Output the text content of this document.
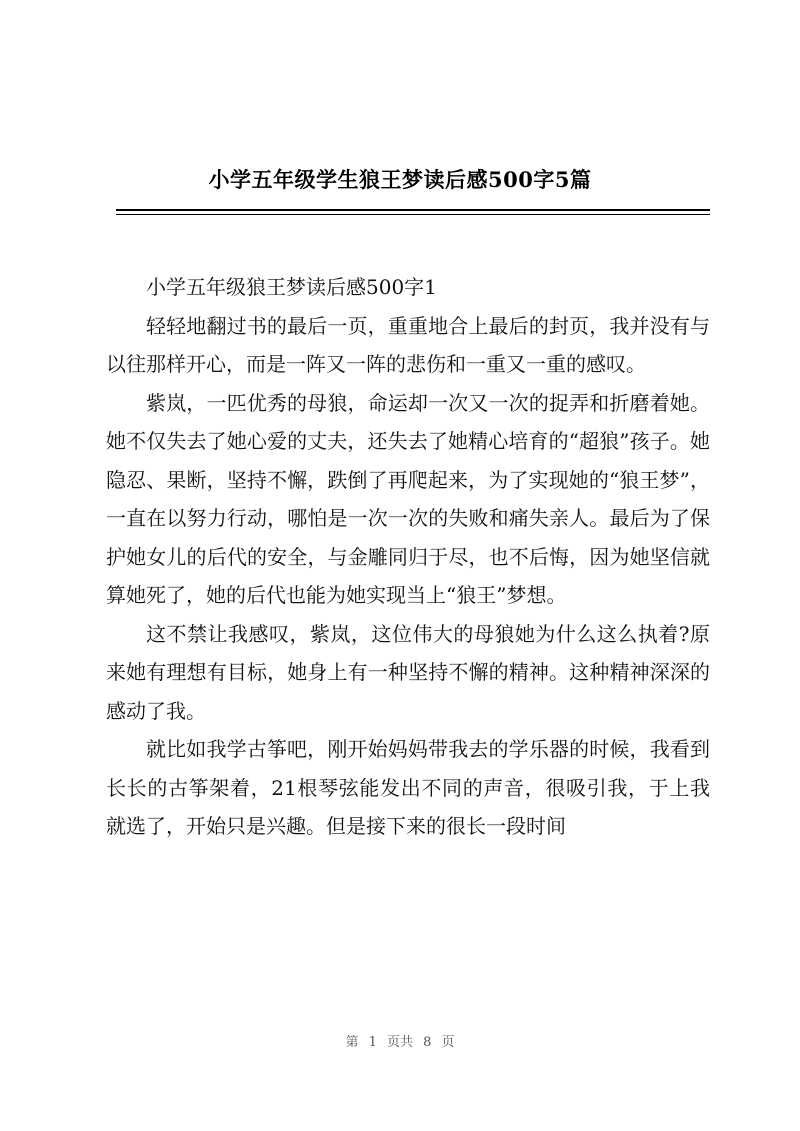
小学五年级学生狼王梦读后感500字5篇

小学五年级狼王梦读后感500字1

轻轻地翻过书的最后一页，重重地合上最后的封页，我并没有与以往那样开心，而是一阵又一阵的悲伤和一重又一重的感叹。

紫岚，一匹优秀的母狼，命运却一次又一次的捉弄和折磨着她。她不仅失去了她心爱的丈夫，还失去了她精心培育的“超狼”孩子。她隐忍、果断，坚持不懈，跌倒了再爬起来，为了实现她的“狼王梦”，一直在以努力行动，哪怕是一次一次的失败和痛失亲人。最后为了保护她女儿的后代的安全，与金雕同归于尽，也不后悔，因为她坚信就算她死了，她的后代也能为她实现当上“狼王”梦想。

这不禁让我感叹，紫岚，这位伟大的母狼她为什么这么执着?原来她有理想有目标，她身上有一种坚持不懈的精神。这种精神深深的感动了我。

就比如我学古筝吧，刚开始妈妈带我去的学乐器的时候，我看到长长的古筝架着，21根琴弦能发出不同的声音，很吸引我，于上我就选了，开始只是兴趣。但是接下来的很长一段时间

第 1 页共 8 页
